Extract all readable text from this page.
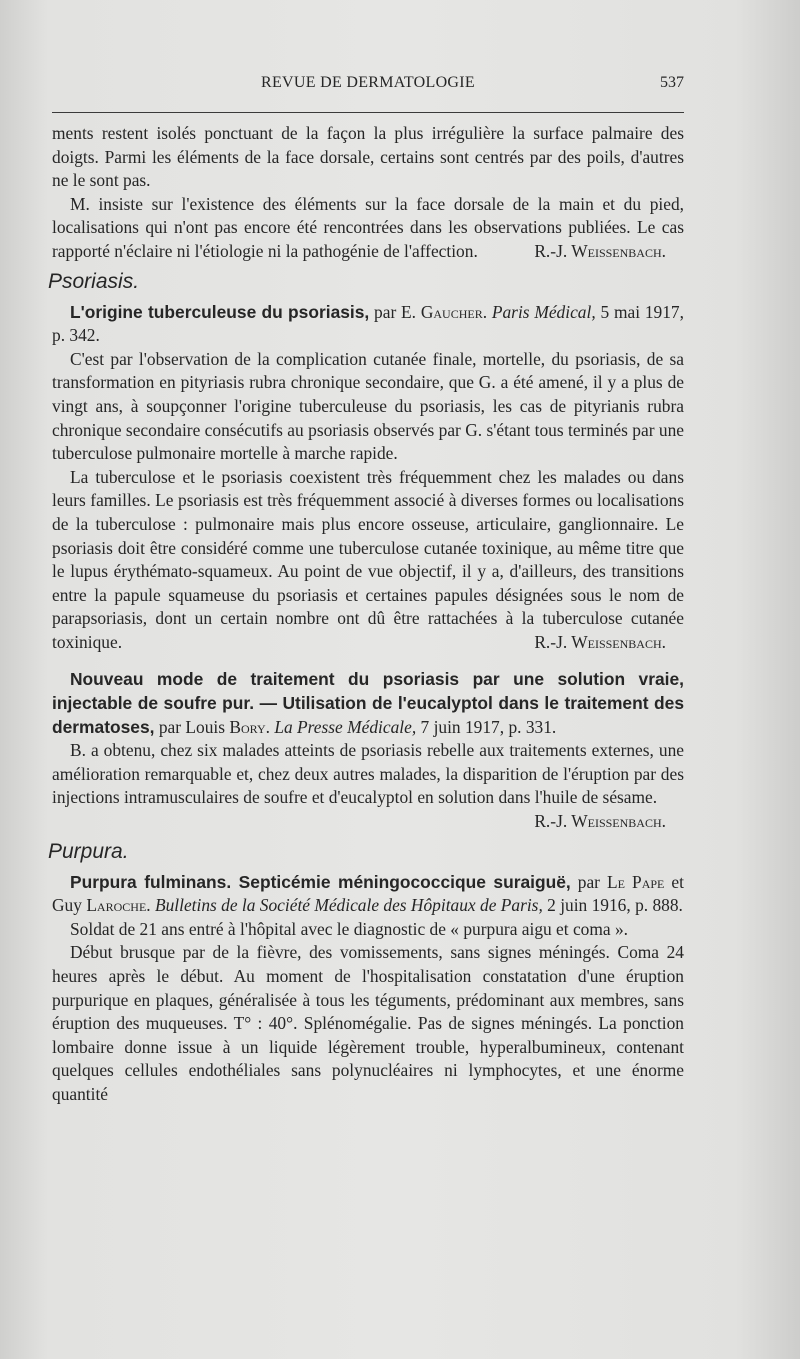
REVUE DE DERMATOLOGIE	537

ments restent isolés ponctuant de la façon la plus irrégulière la surface palmaire des doigts. Parmi les éléments de la face dorsale, certains sont centrés par des poils, d'autres ne le sont pas.

M. insiste sur l'existence des éléments sur la face dorsale de la main et du pied, localisations qui n'ont pas encore été rencontrées dans les observations publiées. Le cas rapporté n'éclaire ni l'étiologie ni la pathogénie de l'affection.	R.-J. Weissenbach.

Psoriasis.

L'origine tuberculeuse du psoriasis, par E. Gaucher. Paris Médical, 5 mai 1917, p. 342.

C'est par l'observation de la complication cutanée finale, mortelle, du psoriasis, de sa transformation en pityriasis rubra chronique secondaire, que G. a été amené, il y a plus de vingt ans, à soupçonner l'origine tuberculeuse du psoriasis, les cas de pityrianis rubra chronique secondaire consécutifs au psoriasis observés par G. s'étant tous terminés par une tuberculose pulmonaire mortelle à marche rapide.

La tuberculose et le psoriasis coexistent très fréquemment chez les malades ou dans leurs familles. Le psoriasis est très fréquemment associé à diverses formes ou localisations de la tuberculose : pulmonaire mais plus encore osseuse, articulaire, ganglionnaire. Le psoriasis doit être considéré comme une tuberculose cutanée toxinique, au même titre que le lupus érythémato-squameux. Au point de vue objectif, il y a, d'ailleurs, des transitions entre la papule squameuse du psoriasis et certaines papules désignées sous le nom de parapsoriasis, dont un certain nombre ont dû être rattachées à la tuberculose cutanée toxinique.	R.-J. Weissenbach.

Nouveau mode de traitement du psoriasis par une solution vraie, injectable de soufre pur. — Utilisation de l'eucalyptol dans le traitement des dermatoses, par Louis Bory. La Presse Médicale, 7 juin 1917, p. 331.

B. a obtenu, chez six malades atteints de psoriasis rebelle aux traitements externes, une amélioration remarquable et, chez deux autres malades, la disparition de l'éruption par des injections intramusculaires de soufre et d'eucalyptol en solution dans l'huile de sésame.
R.-J. Weissenbach.

Purpura.

Purpura fulminans. Septicémie méningococcique suraiguë, par Le Pape et Guy Laroche. Bulletins de la Société Médicale des Hôpitaux de Paris, 2 juin 1916, p. 888.

Soldat de 21 ans entré à l'hôpital avec le diagnostic de « purpura aigu et coma ».

Début brusque par de la fièvre, des vomissements, sans signes méningés. Coma 24 heures après le début. Au moment de l'hospitalisation constatation d'une éruption purpurique en plaques, généralisée à tous les téguments, prédominant aux membres, sans éruption des muqueuses. T° : 40°. Splénomégalie. Pas de signes méningés. La ponction lombaire donne issue à un liquide légèrement trouble, hyperalbumineux, contenant quelques cellules endothéliales sans polynucléaires ni lymphocytes, et une énorme quantité
